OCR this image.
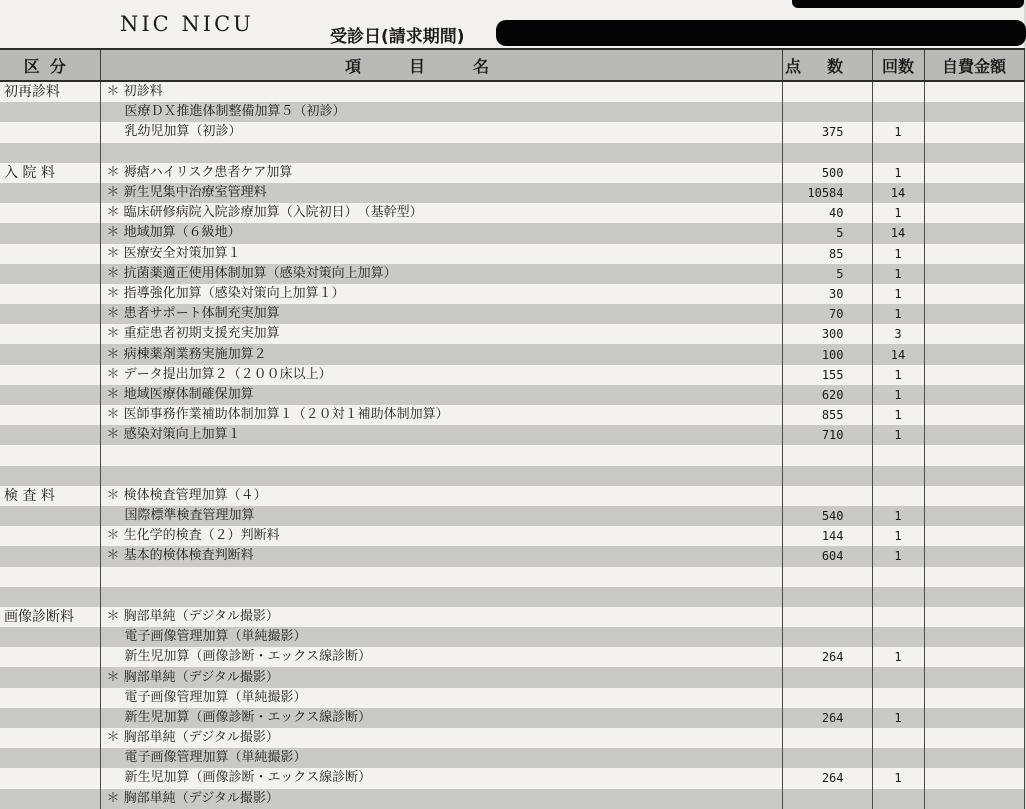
NIC NICU
受診日(請求期間)
区分	項目名	点数	回数	自費金額
初再診料	＊ 初診料			
	医療ＤＸ推進体制整備加算５（初診）			
	乳幼児加算（初診）	375	1	

入 院 料	＊ 褥瘡ハイリスク患者ケア加算	500	1	
	＊ 新生児集中治療室管理料	10584	14	
	＊ 臨床研修病院入院診療加算（入院初日）　（基幹型）	40	1	
	＊ 地域加算（６級地）	5	14	
	＊ 医療安全対策加算１	85	1	
	＊ 抗菌薬適正使用体制加算（感染対策向上加算）	5	1	
	＊ 指導強化加算（感染対策向上加算１）	30	1	
	＊ 患者サポート体制充実加算	70	1	
	＊ 重症患者初期支援充実加算	300	3	
	＊ 病棟薬剤業務実施加算２	100	14	
	＊ データ提出加算２（２００床以上）	155	1	
	＊ 地域医療体制確保加算	620	1	
	＊ 医師事務作業補助体制加算１（２０対１補助体制加算）	855	1	
	＊ 感染対策向上加算１	710	1	

検 査 料	＊ 検体検査管理加算（４）			
	国際標準検査管理加算	540	1	
	＊ 生化学的検査（２）判断料	144	1	
	＊ 基本的検体検査判断料	604	1	

画像診断料	＊ 胸部単純（デジタル撮影）			
	電子画像管理加算（単純撮影）			
	新生児加算（画像診断・エックス線診断）	264	1	
	＊ 胸部単純（デジタル撮影）			
	電子画像管理加算（単純撮影）			
	新生児加算（画像診断・エックス線診断）	264	1	
	＊ 胸部単純（デジタル撮影）			
	電子画像管理加算（単純撮影）			
	新生児加算（画像診断・エックス線診断）	264	1	
	＊ 胸部単純（デジタル撮影）			
